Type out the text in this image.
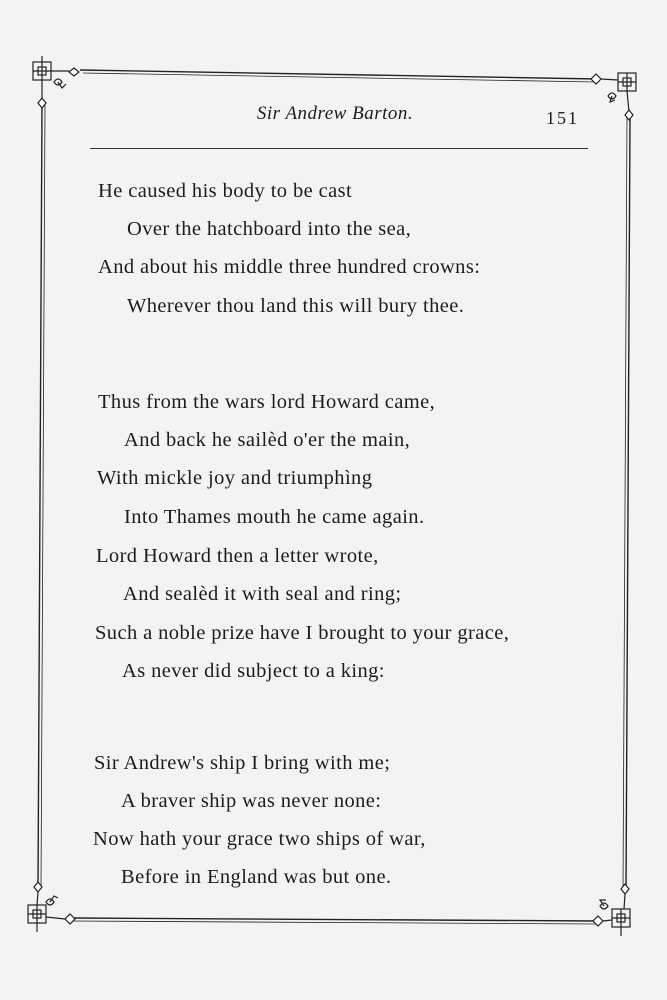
Sir Andrew Barton.	151
He caused his body to be cast
Over the hatchboard into the sea,
And about his middle three hundred crowns:
Wherever thou land this will bury thee.
Thus from the wars lord Howard came,
And back he sailèd o'er the main,
With mickle joy and triumphìng
Into Thames mouth he came again.
Lord Howard then a letter wrote,
And sealèd it with seal and ring;
Such a noble prize have I brought to your grace,
As never did subject to a king:
Sir Andrew's ship I bring with me;
A braver ship was never none:
Now hath your grace two ships of war,
Before in England was but one.
